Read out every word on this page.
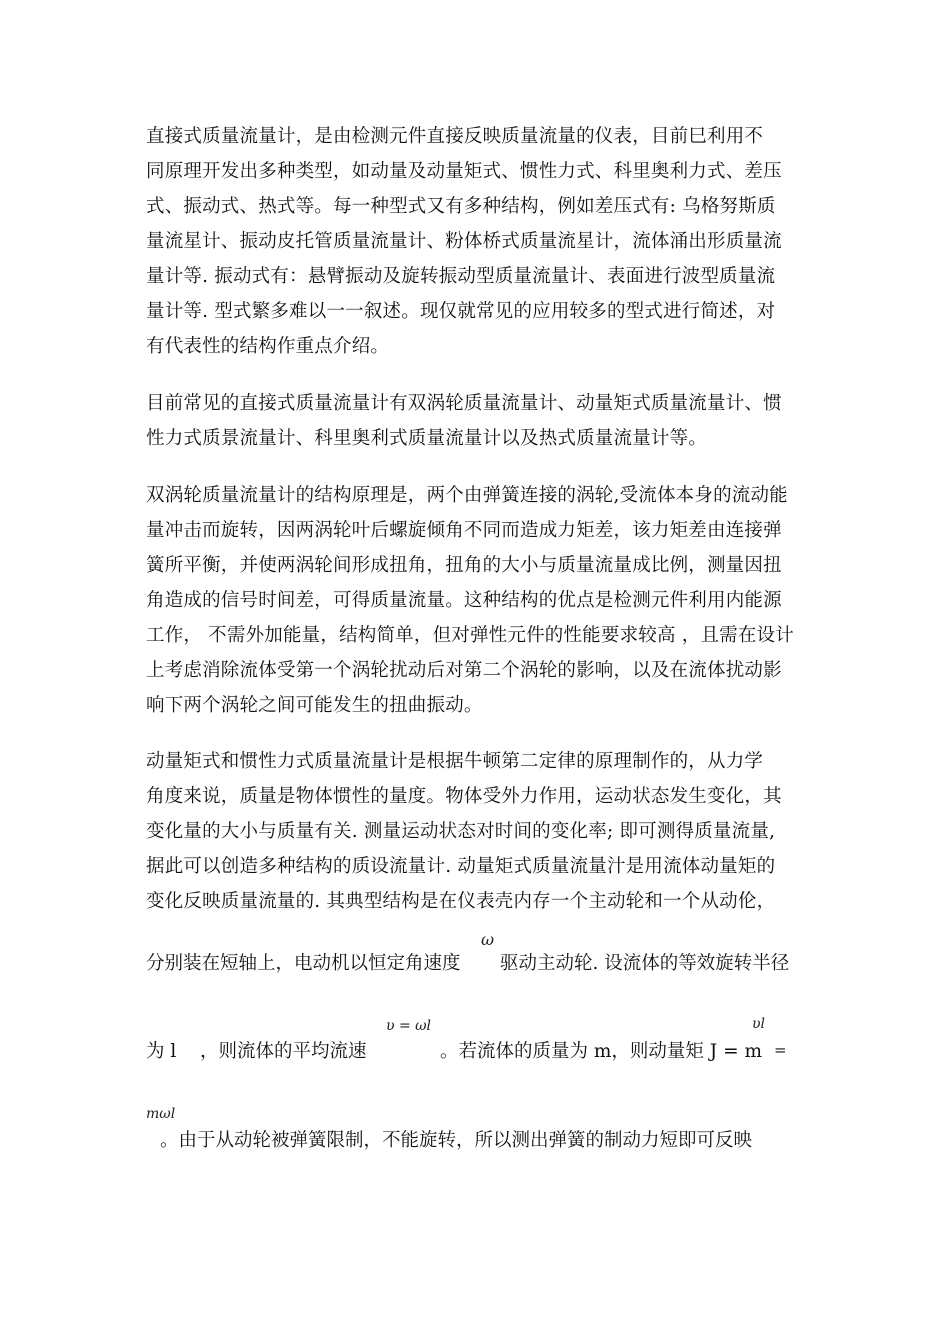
直接式质量流量计，是由检测元件直接反映质量流量的仪表，目前巳利用不
同原理开发出多种类型，如动量及动量矩式、惯性力式、科里奥利力式、差压
式、振动式、热式等。每一种型式又有多种结构，例如差压式有: 乌格努斯质
量流星计、振动皮托管质量流量计、粉体桥式质量流星计，流体涌出形质量流
量计等. 振动式有：悬臂振动及旋转振动型质量流量计、表面进行波型质量流
量计等. 型式繁多难以一一叙述。现仅就常见的应用较多的型式进行简述，对
有代表性的结构作重点介绍。
目前常见的直接式质量流量计有双涡轮质量流量计、动量矩式质量流量计、惯
性力式质景流量计、科里奥利式质量流量计以及热式质量流量计等。
双涡轮质量流量计的结构原理是，两个由弹簧连接的涡轮,受流体本身的流动能
量冲击而旋转，因两涡轮叶后螺旋倾角不同而造成力矩差，该力矩差由连接弹
簧所平衡，并使两涡轮间形成扭角，扭角的大小与质量流量成比例，测量因扭
角造成的信号时间差，可得质量流量。这种结构的优点是检测元件利用内能源
工作， 不需外加能量，结构简单，但对弹性元件的性能要求较高 ，且需在设计
上考虑消除流体受第一个涡轮扰动后对第二个涡轮的影响，以及在流体扰动影
响下两个涡轮之间可能发生的扭曲振动。
动量矩式和惯性力式质量流量计是根据牛顿第二定律的原理制作的，从力学
角度来说，质量是物体惯性的量度。物体受外力作用，运动状态发生变化，其
变化量的大小与质量有关. 测量运动状态对时间的变化率; 即可测得质量流量,
据此可以创造多种结构的质设流量计. 动量矩式质量流量汁是用流体动量矩的
变化反映质量流量的. 其典型结构是在仪表壳内存一个主动轮和一个从动伦，
ω
分别装在短轴上，电动机以恒定角速度 驱动主动轮. 设流体的等效旋转半径
υ = ωl	υl
为 l ，则流体的平均流速	。若流体的质量为 m，则动量矩 J = m =
mωl
。由于从动轮被弹簧限制，不能旋转，所以测出弹簧的制动力短即可反映
